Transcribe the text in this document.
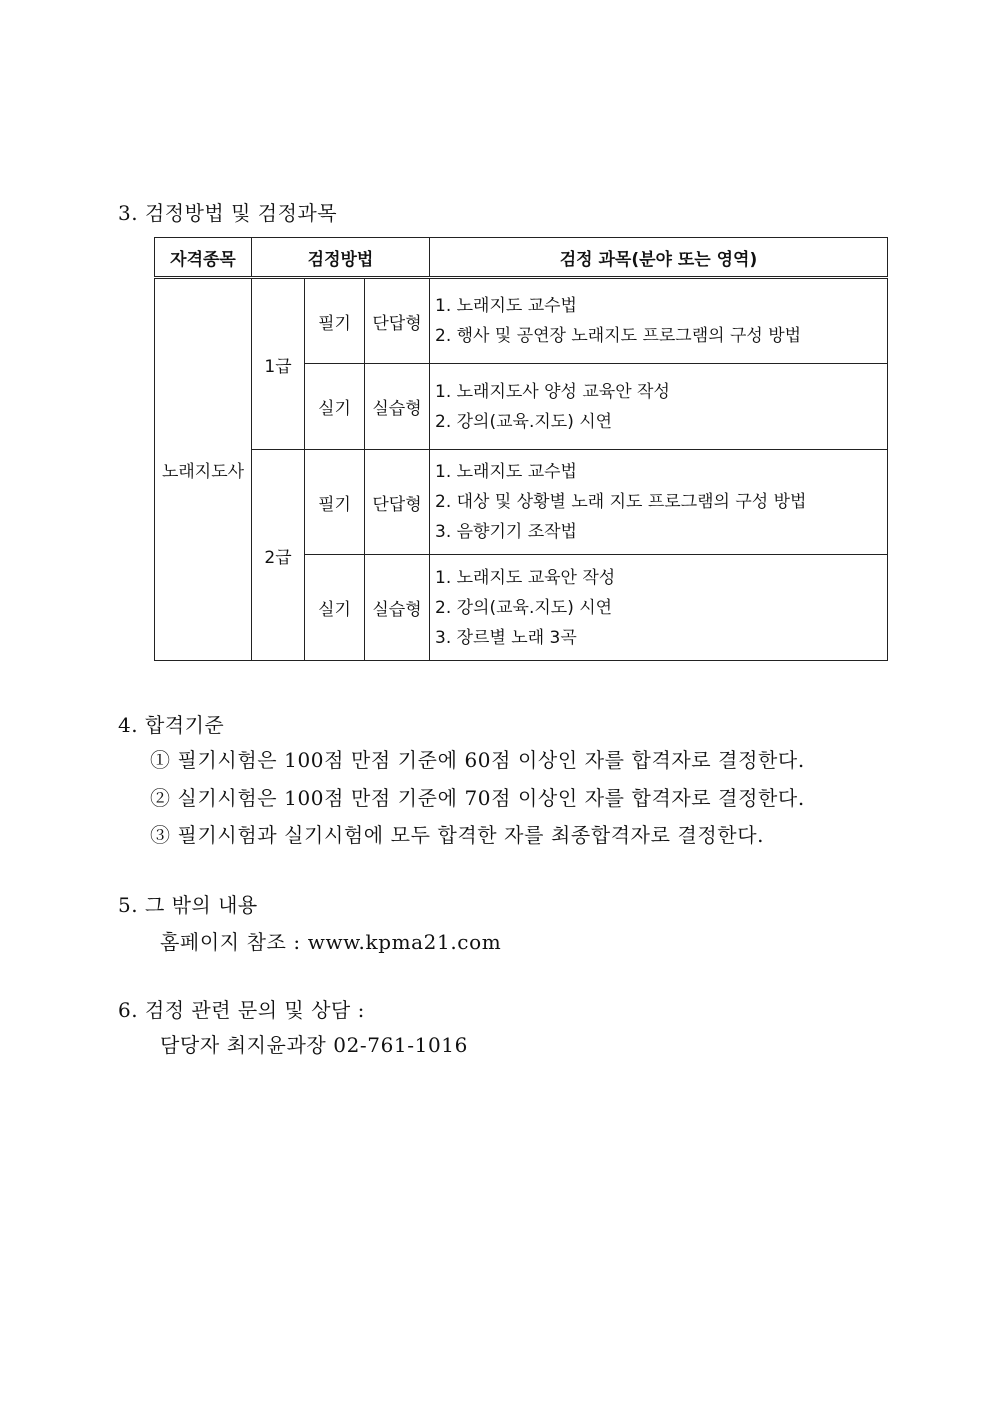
3. 검정방법 및 검정과목
자격종목	검정방법			검정 과목(분야 또는 영역)
노래지도사	1급	필기	단답형	1. 노래지도 교수법
2. 행사 및 공연장 노래지도 프로그램의 구성 방법

		실기	실습형	1. 노래지도사 양성 교육안 작성
2. 강의(교육.지도) 시연

	2급	필기	단답형	1. 노래지도 교수법
2. 대상 및 상황별 노래 지도 프로그램의 구성 방법
3. 음향기기 조작법

		실기	실습형	1. 노래지도 교육안 작성
2. 강의(교육.지도) 시연
3. 장르별 노래 3곡
4. 합격기준
① 필기시험은 100점 만점 기준에 60점 이상인 자를 합격자로 결정한다.
② 실기시험은 100점 만점 기준에 70점 이상인 자를 합격자로 결정한다.
③ 필기시험과 실기시험에 모두 합격한 자를 최종합격자로 결정한다.
5. 그 밖의 내용
홈페이지 참조 : www.kpma21.com
6. 검정 관련 문의 및 상담 :
담당자 최지윤과장 02-761-1016
